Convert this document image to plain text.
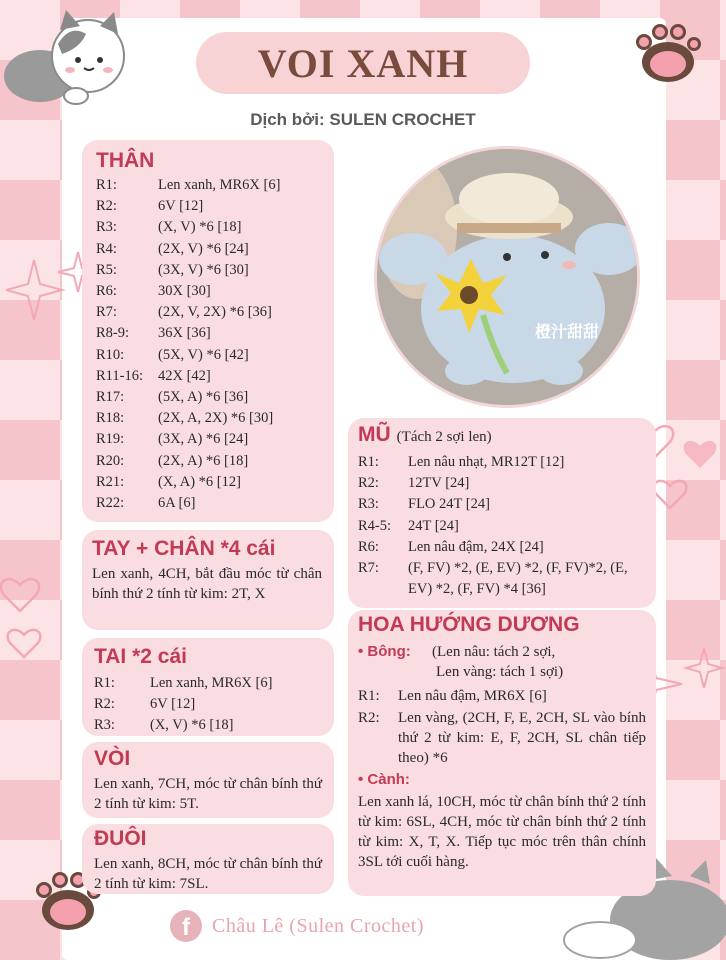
VOI XANH
Dịch bởi: SULEN CROCHET
THÂN
R1:	Len xanh, MR6X [6]
R2:	6V [12]
R3:	(X, V) *6 [18]
R4:	(2X, V) *6 [24]
R5:	(3X, V) *6 [30]
R6:	30X [30]
R7:	(2X, V, 2X) *6 [36]
R8-9:	36X [36]
R10:	(5X, V) *6 [42]
R11-16:	42X [42]
R17:	(5X, A) *6 [36]
R18:	(2X, A, 2X) *6 [30]
R19:	(3X, A) *6 [24]
R20:	(2X, A) *6 [18]
R21:	(X, A) *6 [12]
R22:	6A [6]
TAY + CHÂN *4 cái
Len xanh, 4CH, bắt đầu móc từ chân bính thứ 2 tính từ kim: 2T, X
TAI *2 cái
R1:	Len xanh, MR6X [6]
R2:	6V [12]
R3:	(X, V) *6 [18]
VÒI
Len xanh, 7CH, móc từ chân bính thứ 2 tính từ kim: 5T.
ĐUÔI
Len xanh, 8CH, móc từ chân bính thứ 2 tính từ kim: 7SL.
橙汁甜甜
MŨ (Tách 2 sợi len)
R1:	Len nâu nhạt, MR12T [12]
R2:	12TV [24]
R3:	FLO 24T [24]
R4-5:	24T [24]
R6:	Len nâu đậm, 24X [24]
R7:	(F, FV) *2, (E, EV) *2, (F, FV)*2, (E, EV) *2, (F, FV) *4 [36]
HOA HƯỚNG DƯƠNG
• Bông:	(Len nâu: tách 2 sợi,
Len vàng: tách 1 sợi)
R1:	Len nâu đậm, MR6X [6]
R2:	Len vàng, (2CH, F, E, 2CH, SL vào bính thứ 2 từ kim: E, F, 2CH, SL chân tiếp theo) *6
• Cành:
Len xanh lá, 10CH, móc từ chân bính thứ 2 tính từ kim: 6SL, 4CH, móc từ chân bính thứ 2 tính từ kim: X, T, X. Tiếp tục móc trên thân chính 3SL tới cuối hàng.
f	Châu Lê (Sulen Crochet)
